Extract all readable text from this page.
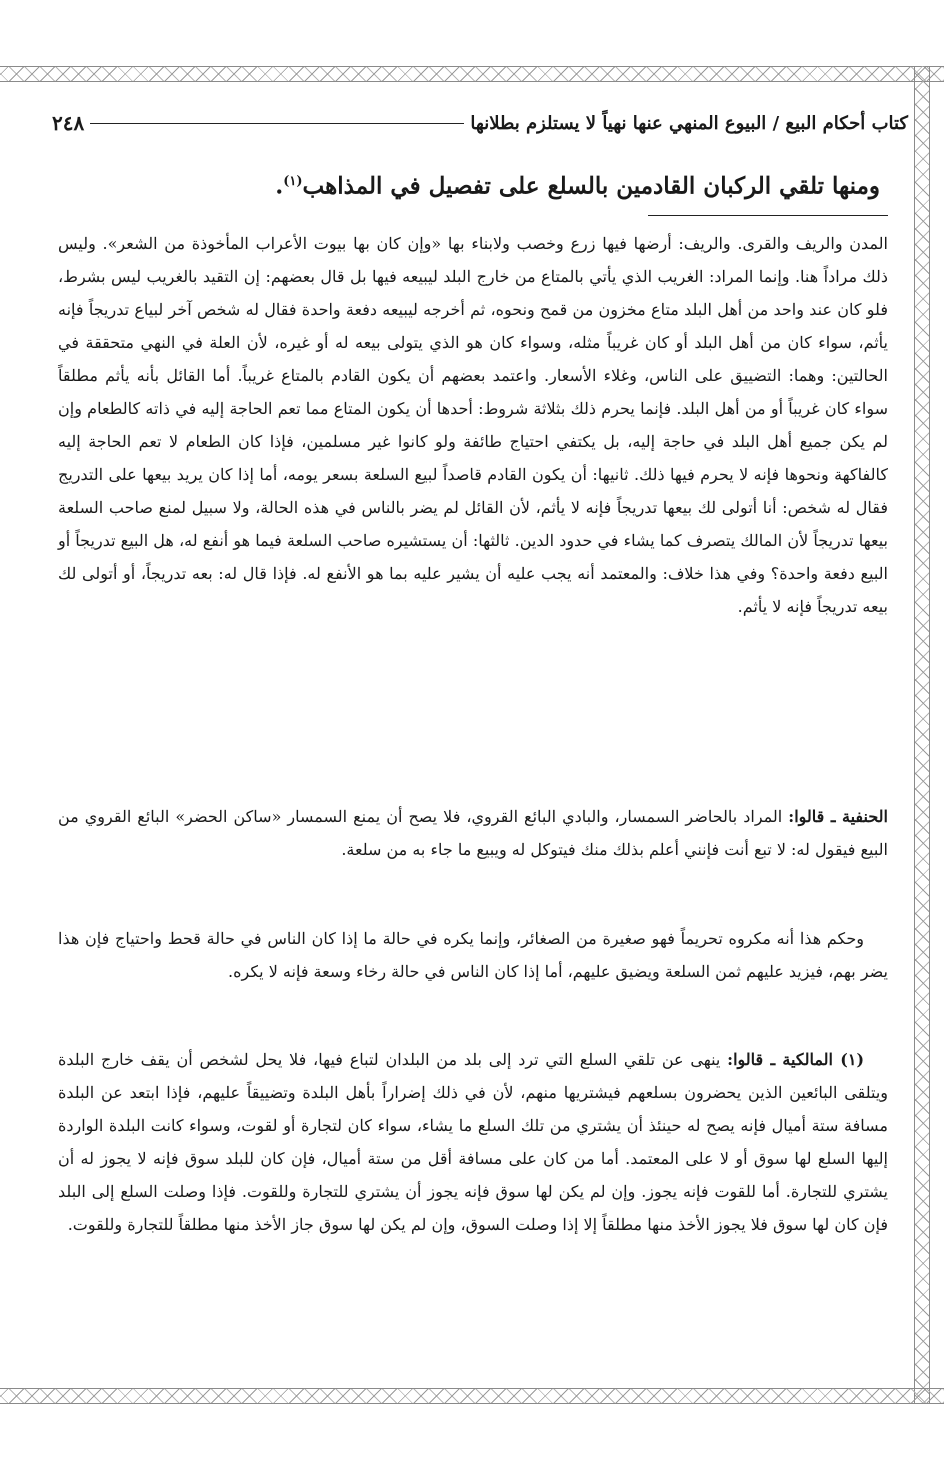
كتاب أحكام البيع / البيوع المنهي عنها نهياً لا يستلزم بطلانها
٢٤٨
ومنها تلقي الركبان القادمين بالسلع على تفصيل في المذاهب$^{(١)}$.

المدن والريف والقرى. والريف: أرضها فيها زرع وخصب ولابناء بها «وإن كان بها بيوت الأعراب المأخوذة من الشعر». وليس ذلك مراداً هنا. وإنما المراد: الغريب الذي يأتي بالمتاع من خارج البلد ليبيعه فيها بل قال بعضهم: إن التقيد بالغريب ليس بشرط، فلو كان عند واحد من أهل البلد متاع مخزون من قمح ونحوه، ثم أخرجه ليبيعه دفعة واحدة فقال له شخص آخر لبياع تدريجاً فإنه يأثم، سواء كان من أهل البلد أو كان غريباً مثله، وسواء كان هو الذي يتولى بيعه له أو غيره، لأن العلة في النهي متحققة في الحالتين: وهما: التضييق على الناس، وغلاء الأسعار. واعتمد بعضهم أن يكون القادم بالمتاع غريباً. أما القائل بأنه يأثم مطلقاً سواء كان غريباً أو من أهل البلد. فإنما يحرم ذلك بثلاثة شروط: أحدها أن يكون المتاع مما تعم الحاجة إليه في ذاته كالطعام وإن لم يكن جميع أهل البلد في حاجة إليه، بل يكتفي احتياج طائفة ولو كانوا غير مسلمين، فإذا كان الطعام لا تعم الحاجة إليه كالفاكهة ونحوها فإنه لا يحرم فيها ذلك. ثانيها: أن يكون القادم قاصداً لبيع السلعة بسعر يومه، أما إذا كان يريد بيعها على التدريج فقال له شخص: أنا أتولى لك بيعها تدريجاً فإنه لا يأثم، لأن القائل لم يضر بالناس في هذه الحالة، ولا سبيل لمنع صاحب السلعة بيعها تدريجاً لأن المالك يتصرف كما يشاء في حدود الدين. ثالثها: أن يستشيره صاحب السلعة فيما هو أنفع له، هل البيع تدريجاً أو البيع دفعة واحدة؟ وفي هذا خلاف: والمعتمد أنه يجب عليه أن يشير عليه بما هو الأنفع له. فإذا قال له: بعه تدريجاً، أو أتولى لك بيعه تدريجاً فإنه لا يأثم.

الحنفية ـ قالوا: المراد بالحاضر السمسار، والبادي البائع القروي، فلا يصح أن يمنع السمسار «ساكن الحضر» البائع القروي من البيع فيقول له: لا تبع أنت فإنني أعلم بذلك منك فيتوكل له ويبيع ما جاء به من سلعة.

وحكم هذا أنه مكروه تحريماً فهو صغيرة من الصغائر، وإنما يكره في حالة ما إذا كان الناس في حالة قحط واحتياج فإن هذا يضر بهم، فيزيد عليهم ثمن السلعة ويضيق عليهم، أما إذا كان الناس في حالة رخاء وسعة فإنه لا يكره.

(١) المالكية ـ قالوا: ينهى عن تلقي السلع التي ترد إلى بلد من البلدان لتباع فيها، فلا يحل لشخص أن يقف خارج البلدة ويتلقى البائعين الذين يحضرون بسلعهم فيشتريها منهم، لأن في ذلك إضراراً بأهل البلدة وتضييقاً عليهم، فإذا ابتعد عن البلدة مسافة ستة أميال فإنه يصح له حينئذ أن يشتري من تلك السلع ما يشاء، سواء كان لتجارة أو لقوت، وسواء كانت البلدة الواردة إليها السلع لها سوق أو لا على المعتمد. أما من كان على مسافة أقل من ستة أميال، فإن كان للبلد سوق فإنه لا يجوز له أن يشتري للتجارة. أما للقوت فإنه يجوز. وإن لم يكن لها سوق فإنه يجوز أن يشتري للتجارة وللقوت. فإذا وصلت السلع إلى البلد فإن كان لها سوق فلا يجوز الأخذ منها مطلقاً إلا إذا وصلت السوق، وإن لم يكن لها سوق جاز الأخذ منها مطلقاً للتجارة وللقوت.
